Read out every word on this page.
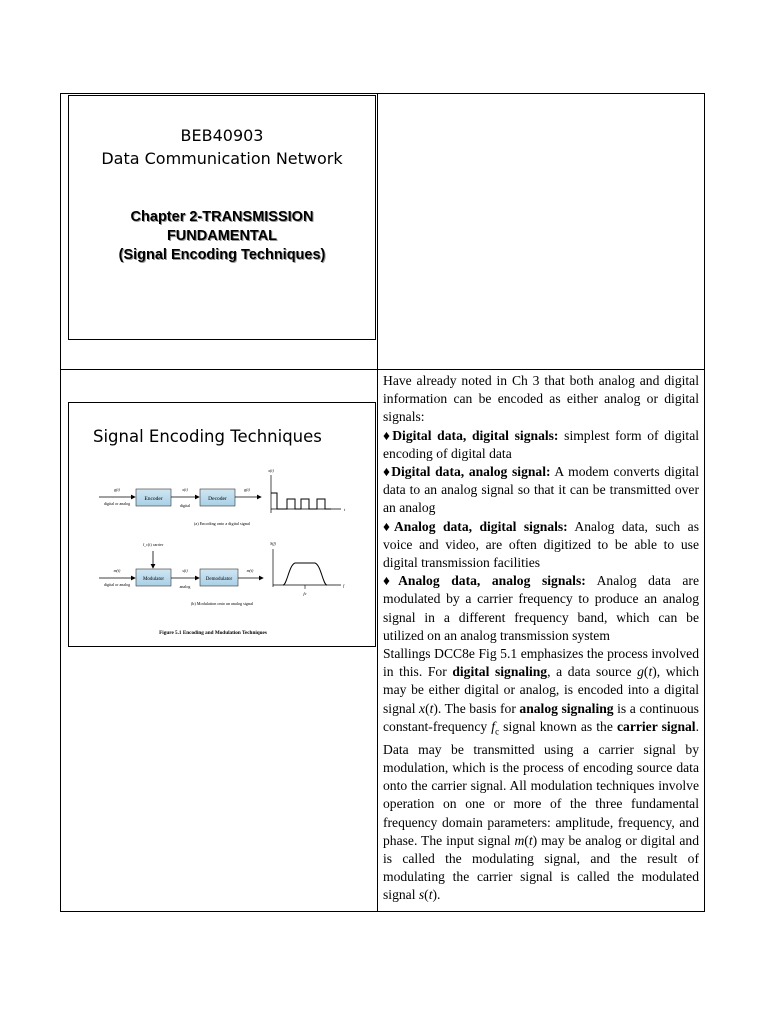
BEB40903
Data Communication Network
Chapter 2-TRANSMISSION
FUNDAMENTAL
(Signal Encoding Techniques)
Signal Encoding Techniques
Encoder	Decoder
g(t)	x(t)	g(t)
digital or analog	digital
x(t)
t
(a) Encoding onto a digital signal
f_c(t) carrier
Modulator	Demodulator
m(t)	s(t)	m(t)
digital or analog	analog
S(f)
f
fc
(b) Modulation onto an analog signal
Figure 5.1 Encoding and Modulation Techniques

Have already noted in Ch 3 that both analog and digital information can be encoded as either analog or digital signals:

♦Digital data, digital signals: simplest form of digital encoding of digital data

♦Digital data, analog signal: A modem converts digital data to an analog signal so that it can be transmitted over an analog

♦Analog data, digital signals: Analog data, such as voice and video, are often digitized to be able to use digital transmission facilities

♦Analog data, analog signals: Analog data are modulated by a carrier frequency to produce an analog signal in a different frequency band, which can be utilized on an analog transmission system

Stallings DCC8e Fig 5.1 emphasizes the process involved in this. For digital signaling, a data source g(t), which may be either digital or analog, is encoded into a digital signal x(t). The basis for analog signaling is a continuous constant-frequency $f_c$ signal known as the carrier signal. Data may be transmitted using a carrier signal by modulation, which is the process of encoding source data onto the carrier signal. All modulation techniques involve operation on one or more of the three fundamental frequency domain parameters: amplitude, frequency, and phase. The input signal m(t) may be analog or digital and is called the modulating signal, and the result of modulating the carrier signal is called the modulated signal s(t).
